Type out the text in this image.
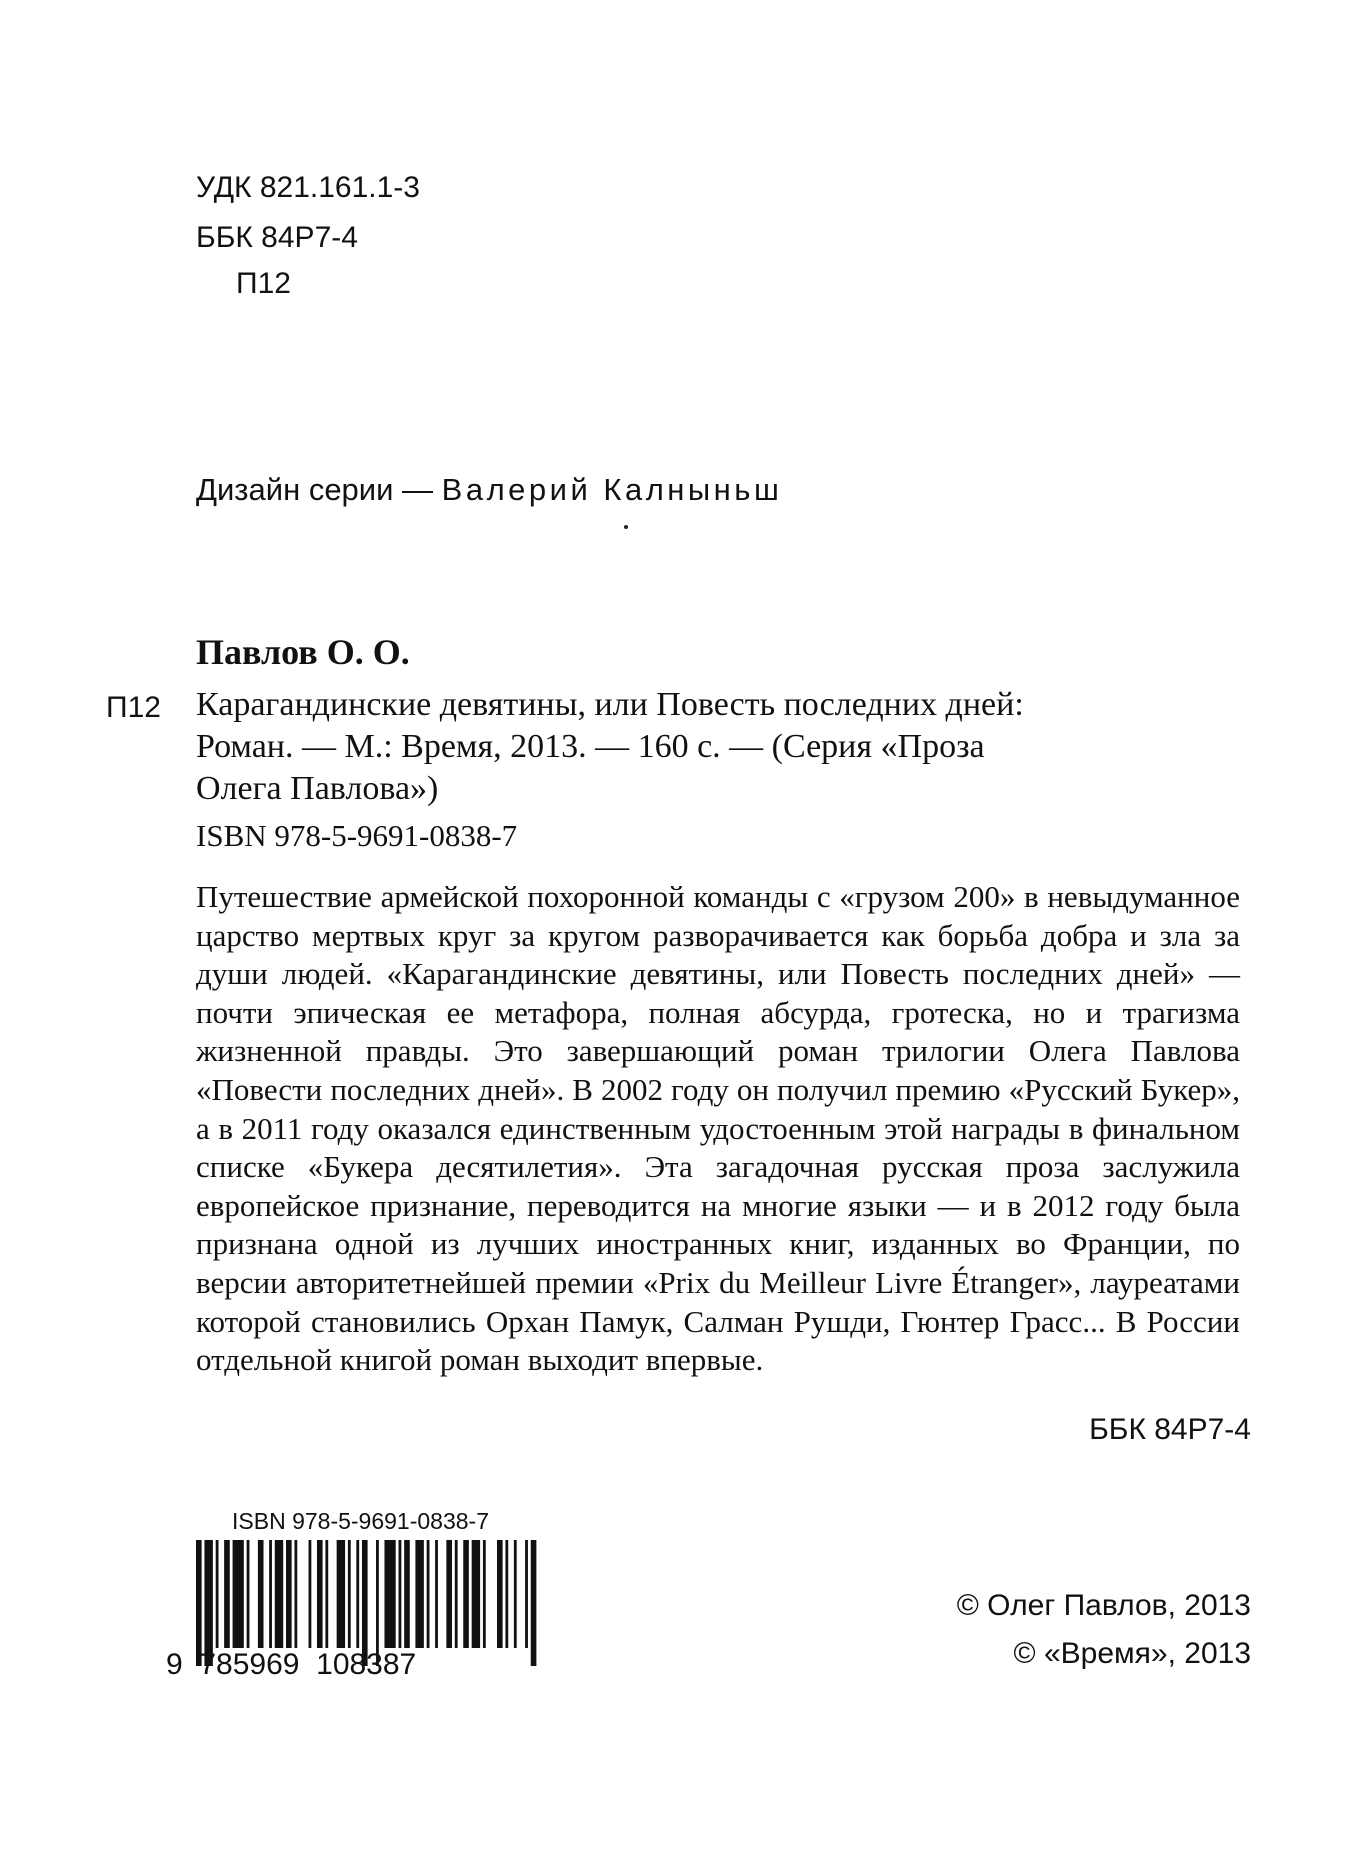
УДК 821.161.1-3
ББК 84Р7-4
П12
Дизайн серии — Валерий Калныньш
Павлов О. О.
П12 Карагандинские девятины, или Повесть последних дней:
Роман. — М.: Время, 2013. — 160 с. — (Серия «Проза
Олега Павлова»)
ISBN 978-5-9691-0838-7
Путешествие армейской похоронной команды с «грузом 200» в невыдуманное царство мертвых круг за кругом разворачивается как борьба добра и зла за души людей. «Карагандинские девятины, или Повесть последних дней» — почти эпическая ее метафора, полная абсурда, гротеска, но и трагизма жизненной правды. Это завершающий роман трилогии Олега Павлова «Повести последних дней». В 2002 году он получил премию «Русский Букер», а в 2011 году оказался единственным удостоенным этой награды в финальном списке «Букера десятилетия». Эта загадочная русская проза заслужила европейское признание, переводится на многие языки — и в 2012 году была признана одной из лучших иностранных книг, изданных во Франции, по версии авторитетнейшей премии «Prix du Meilleur Livre Étranger», лауреатами которой становились Орхан Памук, Салман Рушди, Гюнтер Грасс... В России отдельной книгой роман выходит впервые.
ББК 84Р7-4
ISBN 978-5-9691-0838-7
9  785969  108387
© Олег Павлов, 2013
© «Время», 2013
